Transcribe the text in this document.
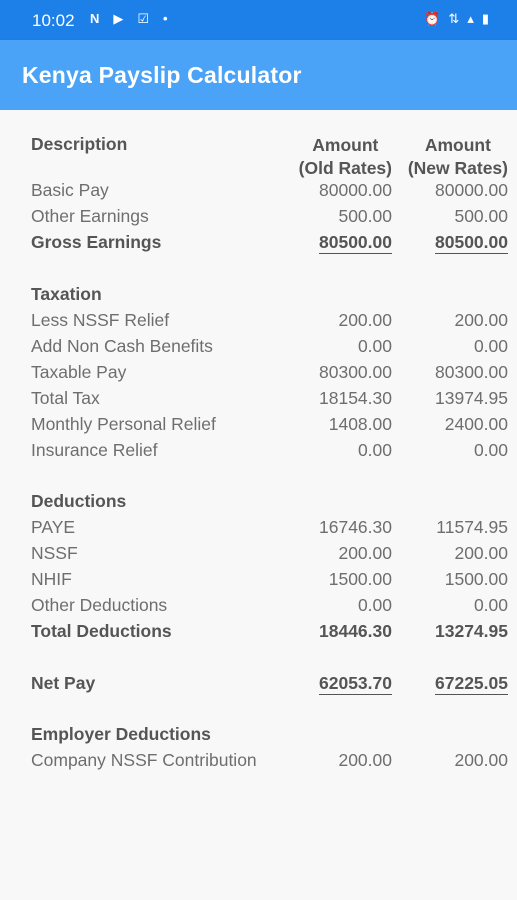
10:02 N ▶ ☑ •	⏰ ⇅ ▴ ▮
Kenya Payslip Calculator
Description	Amount
(Old Rates)
Amount
(New Rates)
Basic Pay	80000.00 80000.00
Other Earnings	500.00	500.00
Gross Earnings	80500.00 80500.00
Taxation
Less NSSF Relief	200.00	200.00
Add Non Cash Benefits	0.00	0.00
Taxable Pay	80300.00 80300.00
Total Tax	18154.30 13974.95
Monthly Personal Relief	1408.00	2400.00
Insurance Relief	0.00	0.00
Deductions
PAYE	16746.30	11574.95
NSSF	200.00	200.00
NHIF	1500.00	1500.00
Other Deductions	0.00	0.00
Total Deductions	18446.30 13274.95
Net Pay	62053.70 67225.05
Employer Deductions
Company NSSF Contribution	200.00	200.00
